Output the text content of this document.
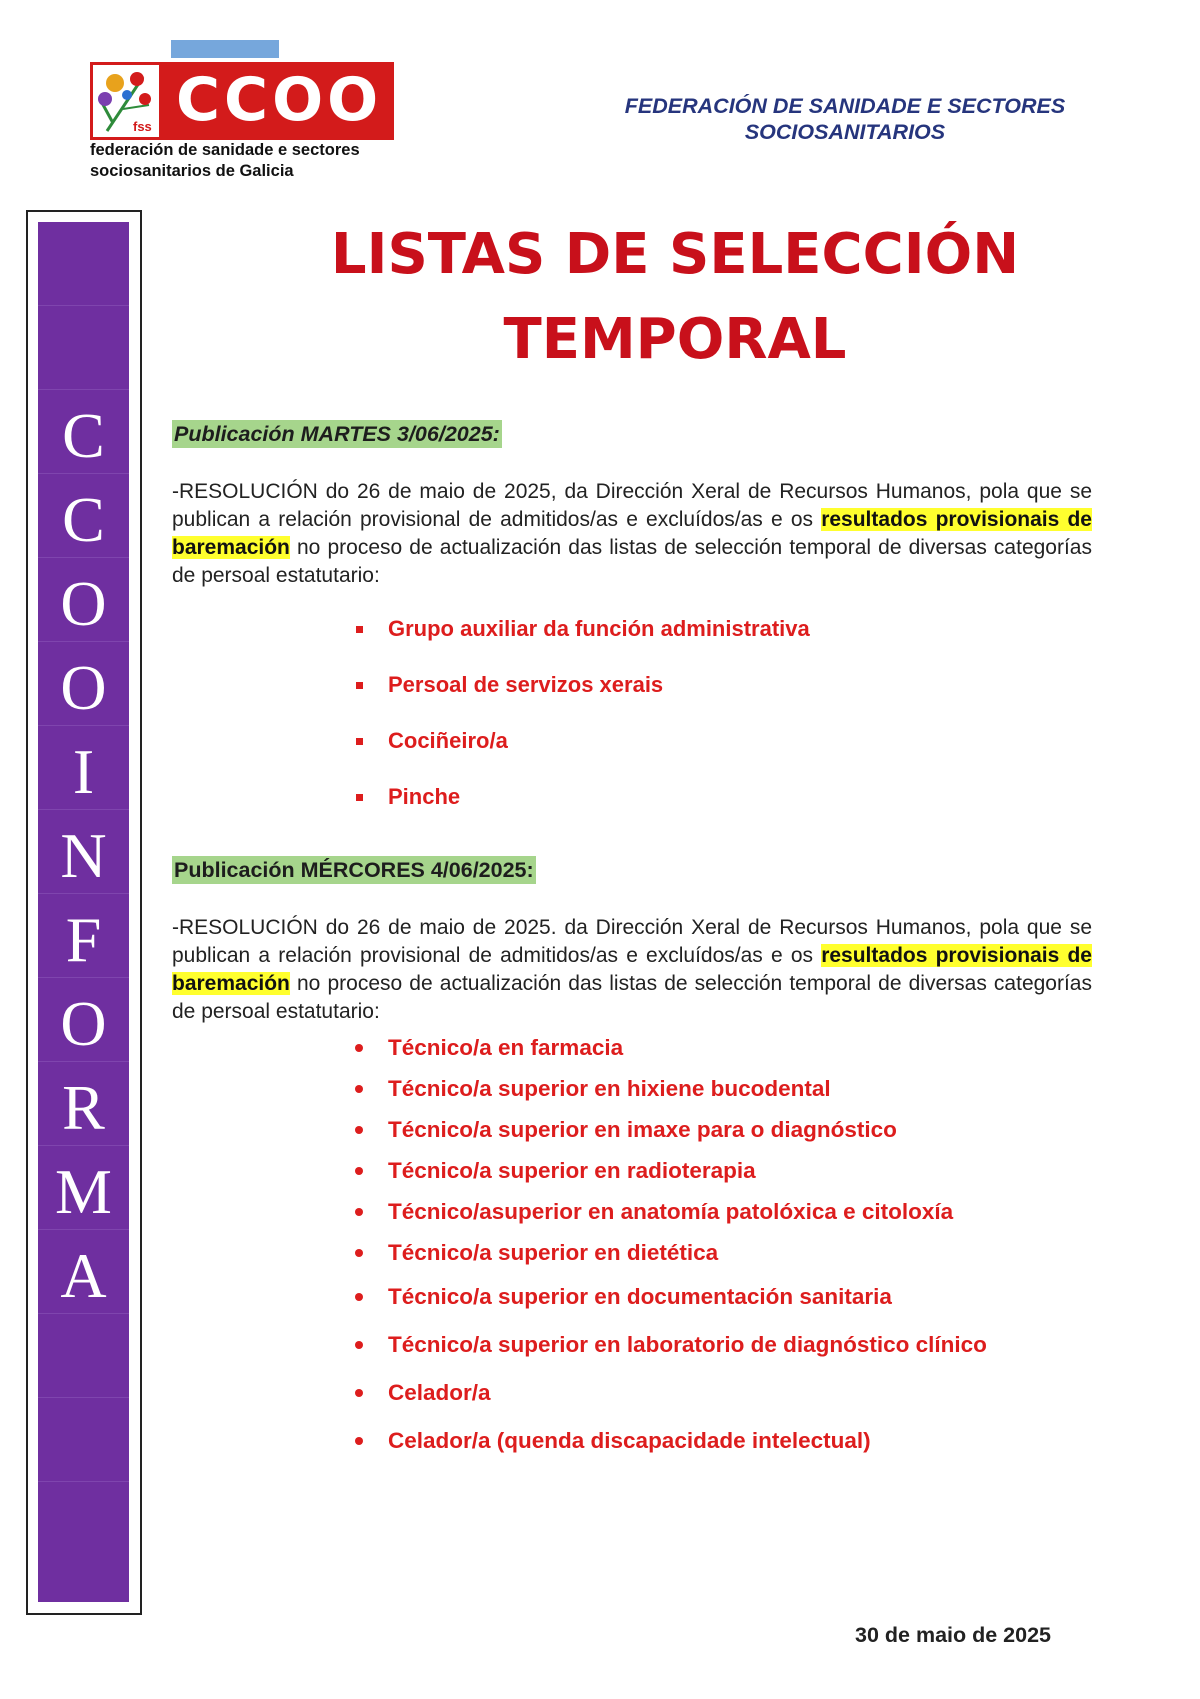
fss CCOO
federación de sanidade e sectores
sociosanitarios de Galicia
FEDERACIÓN DE SANIDADE E SECTORES
SOCIOSANITARIOS
C
C
O
O
I
N
F
O
R
M
A
LISTAS DE SELECCIÓN
TEMPORAL
Publicación MARTES 3/06/2025:
-RESOLUCIÓN do 26 de maio de 2025, da Dirección Xeral de Recursos Humanos, pola que se publican a relación provisional de admitidos/as e excluídos/as e os resultados provisionais de baremación no proceso de actualización das listas de selección temporal de diversas categorías de persoal estatutario:
Grupo auxiliar da función administrativa
Persoal de servizos xerais
Cociñeiro/a
Pinche
Publicación MÉRCORES 4/06/2025:
-RESOLUCIÓN do 26 de maio de 2025. da Dirección Xeral de Recursos Humanos, pola que se publican a relación provisional de admitidos/as e excluídos/as e os resultados provisionais de baremación no proceso de actualización das listas de selección temporal de diversas categorías de persoal estatutario:
Técnico/a en farmacia
Técnico/a superior en hixiene bucodental
Técnico/a superior en imaxe para o diagnóstico
Técnico/a superior en radioterapia
Técnico/asuperior en anatomía patolóxica e citoloxía
Técnico/a superior en dietética
Técnico/a superior en documentación sanitaria
Técnico/a superior en laboratorio de diagnóstico clínico
Celador/a
Celador/a (quenda discapacidade intelectual)
30 de maio de 2025
